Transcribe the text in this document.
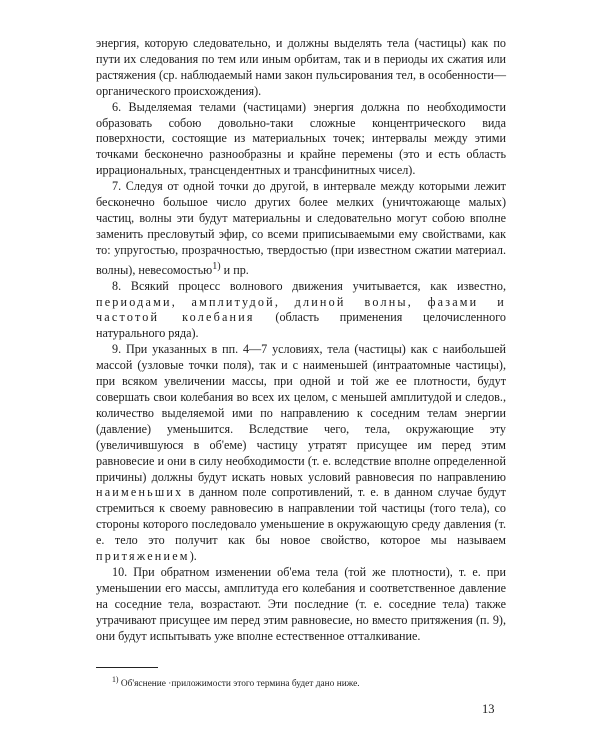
энергия, которую следовательно, и должны выделять тела (частицы) как по пути их следования по тем или иным орбитам, так и в периоды их сжатия или растяжения (ср. наблюдаемый нами закон пульсирования тел, в особенности—органического происхождения).

6. Выделяемая телами (частицами) энергия должна по необходимости образовать собою довольно-таки сложные концентрического вида поверхности, состоящие из материальных точек; интервалы между этими точками бесконечно разнообразны и крайне перемены (это и есть область иррациональных, трансцендентных и трансфинитных чисел).

7. Следуя от одной точки до другой, в интервале между которыми лежит бесконечно большое число других более мелких (уничтожающе малых) частиц, волны эти будут материальны и следовательно могут собою вполне заменить пресловутый эфир, со всеми приписываемыми ему свойствами, как то: упругостью, прозрачностью, твердостью (при известном сжатии материал. волны), невесомостью$^{1)}$ и пр.

8. Всякий процесс волнового движения учитывается, как известно, периодами, амплитудой, длиной волны, фазами и частотой колебания (область применения целочисленного натурального ряда).

9. При указанных в пп. 4—7 условиях, тела (частицы) как с наибольшей массой (узловые точки поля), так и с наименьшей (интраатомные частицы), при всяком увеличении массы, при одной и той же ее плотности, будут совершать свои колебания во всех их целом, с меньшей амплитудой и следов., количество выделяемой ими по направлению к соседним телам энергии (давление) уменьшится. Вследствие чего, тела, окружающие эту (увеличившуюся в об'еме) частицу утратят присущее им перед этим равновесие и они в силу необходимости (т. е. вследствие вполне определенной причины) должны будут искать новых условий равновесия по направлению наименьших в данном поле сопротивлений, т. е. в данном случае будут стремиться к своему равновесию в направлении той частицы (того тела), со стороны которого последовало уменьшение в окружающую среду давления (т. е. тело это получит как бы новое свойство, которое мы называем притяжением).

10. При обратном изменении об'ема тела (той же плотности), т. е. при уменьшении его массы, амплитуда его колебания и соответственное давление на соседние тела, возрастают. Эти последние (т. е. соседние тела) также утрачивают присущее им перед этим равновесие, но вместо притяжения (п. 9), они будут испытывать уже вполне естественное отталкивание.

$^{1)}$ Об'яснение ·приложимости этого термина будет дано ниже.
13
